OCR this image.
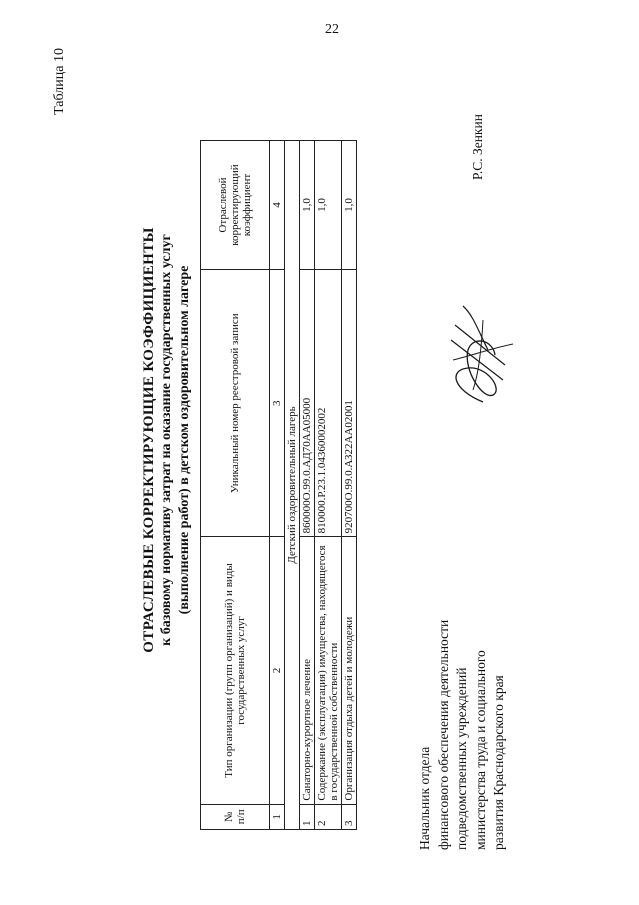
22
Таблица 10
ОТРАСЛЕВЫЕ КОРРЕКТИРУЮЩИЕ КОЭФФИЦИЕНТЫ к базовому нормативу затрат на оказание государственных услуг (выполнение работ) в детском оздоровительном лагере
№ п/п	Тип организации (групп организаций) и виды государственных услуг	Уникальный номер реестровой записи	Отраслевой корректирующий коэффициент
1	2	3	4
Детский оздоровительный лагерь			
1	Санаторно-курортное лечение	860000О.99.0.АД70АА05000	1,0
2	Содержание (эксплуатация) имущества, находящегося в государственной собственности	810000.Р.23.1.04360002002	1,0
3	Организация отдыха детей и молодежи	920700О.99.0.АЗ22АА02001	1,0
Начальник отдела финансового обеспечения деятельности подведомственных учреждений министерства труда и социального развития Краснодарского края
Р.С. Зенкин
